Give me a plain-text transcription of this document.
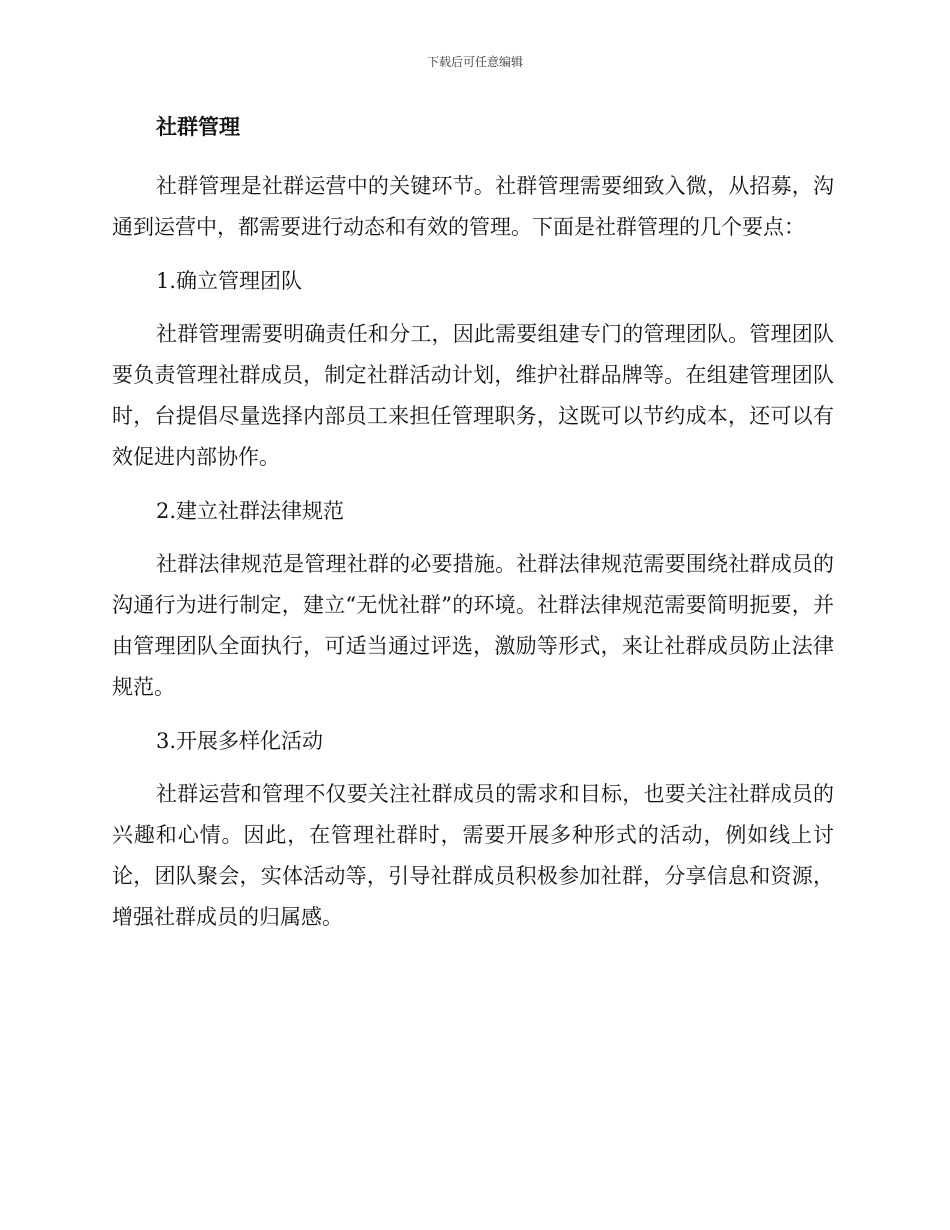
下载后可任意编辑
社群管理

社群管理是社群运营中的关键环节。社群管理需要细致入微，从招募，沟通到运营中，都需要进行动态和有效的管理。下面是社群管理的几个要点：

1.确立管理团队

社群管理需要明确责任和分工，因此需要组建专门的管理团队。管理团队要负责管理社群成员，制定社群活动计划，维护社群品牌等。在组建管理团队时，台提倡尽量选择内部员工来担任管理职务，这既可以节约成本，还可以有效促进内部协作。

2.建立社群法律规范

社群法律规范是管理社群的必要措施。社群法律规范需要围绕社群成员的沟通行为进行制定，建立“无忧社群”的环境。社群法律规范需要简明扼要，并由管理团队全面执行，可适当通过评选，激励等形式，来让社群成员防止法律规范。

3.开展多样化活动

社群运营和管理不仅要关注社群成员的需求和目标，也要关注社群成员的兴趣和心情。因此，在管理社群时，需要开展多种形式的活动，例如线上讨论，团队聚会，实体活动等，引导社群成员积极参加社群，分享信息和资源，增强社群成员的归属感。
